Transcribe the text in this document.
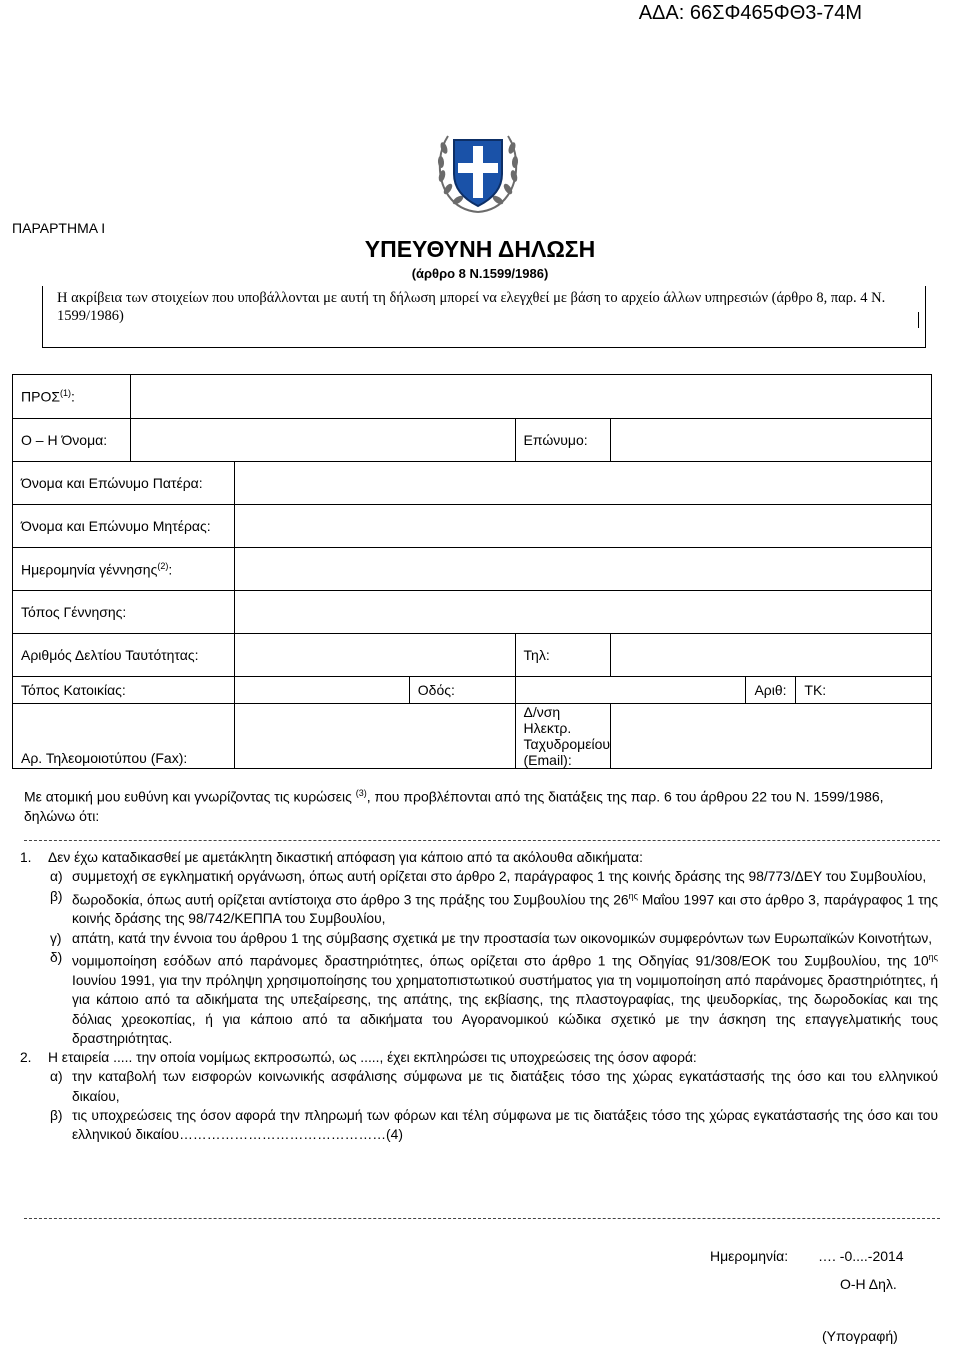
ΑΔΑ: 66ΣΦ465ΦΘ3-74Μ
ΠΑΡΑΡΤΗΜΑ Ι
ΥΠΕΥΘΥΝΗ ΔΗΛΩΣΗ
(άρθρο 8 Ν.1599/1986)
Η ακρίβεια των στοιχείων που υποβάλλονται με αυτή τη δήλωση μπορεί να ελεγχθεί με βάση το αρχείο άλλων υπηρεσιών (άρθρο 8, παρ. 4 Ν. 1599/1986)
ΠΡΟΣ$^{(1)}$:							
Ο – Η Όνομα:				Επώνυμο:			
Όνομα και Επώνυμο Πατέρα:							
Όνομα και Επώνυμο Μητέρας:							
Ημερομηνία γέννησης$^{(2)}$:							
Τόπος Γέννησης:							
Αριθμός Δελτίου Ταυτότητας:				Τηλ:			
Τόπος Κατοικίας:			Οδός:			Αριθ:	ΤΚ:
Αρ. Τηλεομοιοτύπου (Fax):				Δ/νση Ηλεκτρ.
Ταχυδρομείου
(Email):			

Με ατομική μου ευθύνη και γνωρίζοντας τις κυρώσεις $^{(3)}$, που προβλέπονται από της διατάξεις της παρ. 6 του άρθρου 22 του Ν. 1599/1986, δηλώνω ότι:
1. Δεν έχω καταδικασθεί με αμετάκλητη δικαστική απόφαση για κάποιο από τα ακόλουθα αδικήματα:
α) συμμετοχή σε εγκληματική οργάνωση, όπως αυτή ορίζεται στο άρθρο 2, παράγραφος 1 της κοινής δράσης της 98/773/ΔΕΥ του Συμβουλίου,
β) δωροδοκία, όπως αυτή ορίζεται αντίστοιχα στο άρθρο 3 της πράξης του Συμβουλίου της $26^{\eta\varsigma}$ Μαΐου 1997 και στο άρθρο 3, παράγραφος 1 της κοινής δράσης της 98/742/ΚΕΠΠΑ του Συμβουλίου,
γ) απάτη, κατά την έννοια του άρθρου 1 της σύμβασης σχετικά με την προστασία των οικονομικών συμφερόντων των Ευρωπαϊκών Κοινοτήτων,
δ) νομιμοποίηση εσόδων από παράνομες δραστηριότητες, όπως ορίζεται στο άρθρο 1 της Οδηγίας 91/308/ΕΟΚ του Συμβουλίου, της $10^{\eta\varsigma}$ Ιουνίου 1991, για την πρόληψη χρησιμοποίησης του χρηματοπιστωτικού συστήματος για τη νομιμοποίηση από παράνομες δραστηριότητες, ή για κάποιο από τα αδικήματα της υπεξαίρεσης, της απάτης, της εκβίασης, της πλαστογραφίας, της ψευδορκίας, της δωροδοκίας και της δόλιας χρεοκοπίας, ή για κάποιο από τα αδικήματα του Αγορανομικού κώδικα σχετικό με την άσκηση της επαγγελματικής τους δραστηριότητας.
2. Η εταιρεία ..... την οποία νομίμως εκπροσωπώ, ως ....., έχει εκπληρώσει τις υποχρεώσεις της όσον αφορά:
α) την καταβολή των εισφορών κοινωνικής ασφάλισης σύμφωνα με τις διατάξεις τόσο της χώρας εγκατάστασής της όσο και του ελληνικού δικαίου,
β) τις υποχρεώσεις της όσον αφορά την πληρωμή των φόρων και τέλη σύμφωνα με τις διατάξεις τόσο της χώρας εγκατάστασής της όσο και του ελληνικού δικαίου………………………………………(4)
Ημερομηνία: …. -0....-2014
Ο-Η Δηλ.
(Υπογραφή)
